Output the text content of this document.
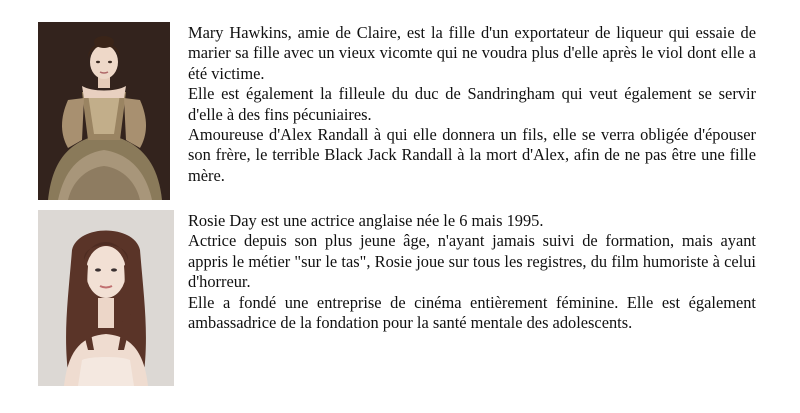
Mary Hawkins, amie de Claire, est la fille d'un exportateur de liqueur qui essaie de marier sa fille avec un vieux vicomte qui ne voudra plus d'elle après le viol dont elle a été victime.

Elle est également la filleule du duc de Sandringham qui veut également se servir d'elle à des fins pécuniaires.

Amoureuse d'Alex Randall à qui elle donnera un fils, elle se verra obligée d'épouser son frère, le terrible Black Jack Randall à la mort d'Alex, afin de ne pas être une fille mère.

Rosie Day est une actrice anglaise née le 6 mais 1995.

Actrice depuis son plus jeune âge, n'ayant jamais suivi de formation, mais ayant appris le métier "sur le tas", Rosie joue sur tous les registres, du film humoriste à celui d'horreur.

Elle a fondé une entreprise de cinéma entièrement féminine. Elle est également ambassadrice de la fondation pour la santé mentale des adolescents.
